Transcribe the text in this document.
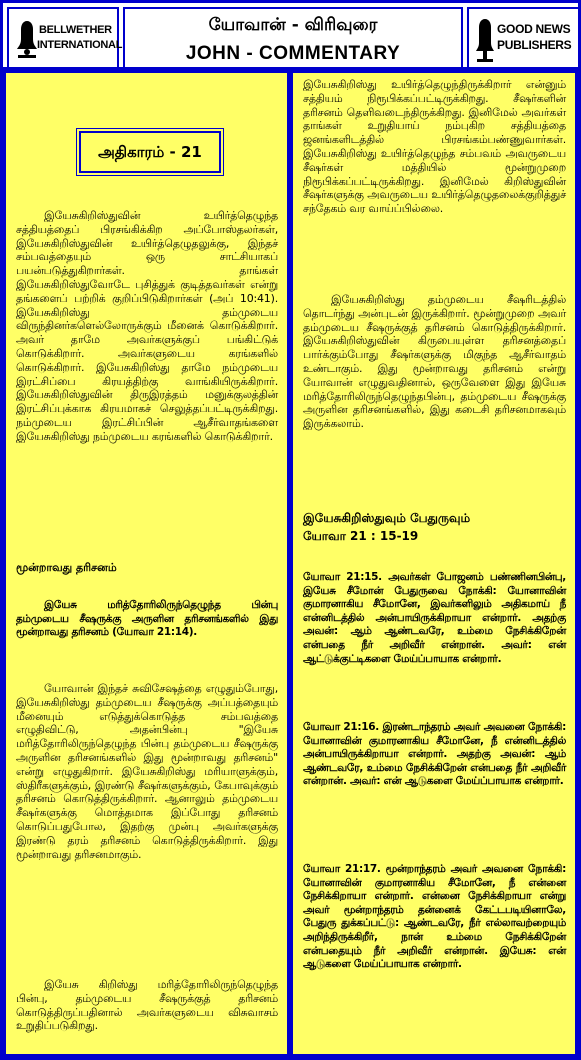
BELLWETHER
INTERNATIONAL
யோவான் - விரிவுரை
JOHN - COMMENTARY
GOOD NEWS
PUBLISHERS
அதிகாரம் - 21

இயேசுகிறிஸ்துவின் உயிர்த்தெழுந்த சத்தியத்தைப் பிரசங்கிக்கிற அப்போஸ்தலர்கள், இயேசுகிறிஸ்துவின் உயிர்த்தெழுதலுக்கு, இந்தச் சம்பவத்தையும் ஒரு சாட்சியாகப் பயன்படுத்துகிறார்கள். தாங்கள் இயேசுகிறிஸ்துவோடே புசித்துக் குடித்தவர்கள் என்று தங்களைப் பற்றிக் குறிப்பிடுகிறார்கள் (அப் 10:41). இயேசுகிறிஸ்து தம்முடைய விருந்தினர்களெல்லோருக்கும் மீனைக் கொடுக்கிறார். அவர் தாமே அவர்களுக்குப் பங்கிட்டுக் கொடுக்கிறார். அவர்களுடைய கரங்களில் கொடுக்கிறார். இயேசுகிறிஸ்து தாமே நம்முடைய இரட்சிப்பை கிரயத்திற்கு வாங்கியிருக்கிறார். இயேசுகிறிஸ்துவின் திருஇரத்தம் மனுக்குலத்தின் இரட்சிப்புக்காக கிரயமாகச் செலுத்தப்பட்டிருக்கிறது. நம்முடைய இரட்சிப்பின் ஆசீர்வாதங்களை இயேசுகிறிஸ்து நம்முடைய கரங்களில் கொடுக்கிறார்.

மூன்றாவது தரிசனம்

இயேசு மரித்தோரிலிருந்தெழுந்த பின்பு தம்முடைய சீஷருக்கு அருளின தரிசனங்களில் இது மூன்றாவது தரிசனம் (யோவா 21:14).

யோவான் இந்தச் சுவிசேஷத்தை எழுதும்போது, இயேசுகிறிஸ்து தம்முடைய சீஷருக்கு அப்பத்தையும் மீனையும் எடுத்துக்கொடுத்த சம்பவத்தை எழுதிவிட்டு, அதன்பின்பு "இயேசு மரித்தோரிலிருந்தெழுந்த பின்பு தம்முடைய சீஷருக்கு அருளின தரிசனங்களில் இது மூன்றாவது தரிசனம்" என்று எழுதுகிறார். இயேசுகிறிஸ்து மரியாளுக்கும், ஸ்திரீகளுக்கும், இரண்டு சீஷர்களுக்கும், கேபாவுக்கும் தரிசனம் கொடுத்திருக்கிறார். ஆனாலும் தம்முடைய சீஷர்களுக்கு மொத்தமாக இப்போது தரிசனம் கொடுப்பதுபோல, இதற்கு முன்பு அவர்களுக்கு இரண்டு தரம் தரிசனம் கொடுத்திருக்கிறார். இது மூன்றாவது தரிசனமாகும்.

இயேசு கிறிஸ்து மரித்தோரிலிருந்தெழுந்த பின்பு, தம்முடைய சீஷருக்குத் தரிசனம் கொடுத்திருப்பதினால் அவர்களுடைய விசுவாசம் உறுதிப்படுகிறது.

இயேசுகிறிஸ்து உயிர்த்தெழுந்திருக்கிறார் என்னும் சத்தியம் நிரூபிக்கப்பட்டிருக்கிறது. சீஷர்களின் தரிசனம் தெளிவடைந்திருக்கிறது. இனிமேல் அவர்கள் தாங்கள் உறுதியாய் நம்புகிற சத்தியத்தை ஜனங்களிடத்தில் பிரசங்கம்பண்ணுவார்கள். இயேசுகிறிஸ்து உயிர்த்தெழுந்த சம்பவம் அவருடைய சீஷர்கள் மத்தியில் மூன்றுமுறை நிரூபிக்கப்பட்டிருக்கிறது. இனிமேல் கிறிஸ்துவின் சீஷர்களுக்கு அவருடைய உயிர்த்தெழுதலைக்குறித்துச் சந்தேகம் வர வாய்ப்பில்லை.

இயேசுகிறிஸ்து தம்முடைய சீஷரிடத்தில் தொடர்ந்து அன்புடன் இருக்கிறார். மூன்றுமுறை அவர் தம்முடைய சீஷருக்குத் தரிசனம் கொடுத்திருக்கிறார். இயேசுகிறிஸ்துவின் கிருபையுள்ள தரிசனத்தைப் பார்க்கும்போது சீஷர்களுக்கு மிகுந்த ஆசீர்வாதம் உண்டாகும். இது மூன்றாவது தரிசனம் என்று யோவான் எழுதுவதினால், ஒருவேளை இது இயேசு மரித்தோரிலிருந்தெழுந்தபின்பு, தம்முடைய சீஷருக்கு அருளின தரிசனங்களில், இது கடைசி தரிசனமாகவும் இருக்கலாம்.

இயேசுகிறிஸ்துவும் பேதுருவும்
யோவா 21 : 15-19

யோவா 21:15. அவர்கள் போஜனம் பண்ணினபின்பு, இயேசு சீமோன் பேதுருவை நோக்கி: யோனாவின் குமாரனாகிய சீமோனே, இவர்களிலும் அதிகமாய் நீ என்னிடத்தில் அன்பாயிருக்கிறாயா என்றார். அதற்கு அவன்: ஆம் ஆண்டவரே, உம்மை நேசிக்கிறேன் என்பதை நீர் அறிவீர் என்றான். அவர்: என் ஆட்டுக்குட்டிகளை மேய்ப்பாயாக என்றார்.

யோவா 21:16. இரண்டாந்தரம் அவர் அவனை நோக்கி: யோனாவின் குமாரனாகிய சீமோனே, நீ என்னிடத்தில் அன்பாயிருக்கிறாயா என்றார். அதற்கு அவன்: ஆம் ஆண்டவரே, உம்மை நேசிக்கிறேன் என்பதை நீர் அறிவீர் என்றான். அவர்: என் ஆடுகளை மேய்ப்பாயாக என்றார்.

யோவா 21:17. மூன்றாந்தரம் அவர் அவனை நோக்கி: யோனாவின் குமாரனாகிய சீமோனே, நீ என்னை நேசிக்கிறாயா என்றார். என்னை நேசிக்கிறாயா என்று அவர் மூன்றாந்தரம் தன்னைக் கேட்டபடியினாலே, பேதுரு துக்கப்பட்டு: ஆண்டவரே, நீர் எல்லாவற்றையும் அறிந்திருக்கிறீர், நான் உம்மை நேசிக்கிறேன் என்பதையும் நீர் அறிவீர் என்றான். இயேசு: என் ஆடுகளை மேய்ப்பாயாக என்றார்.
